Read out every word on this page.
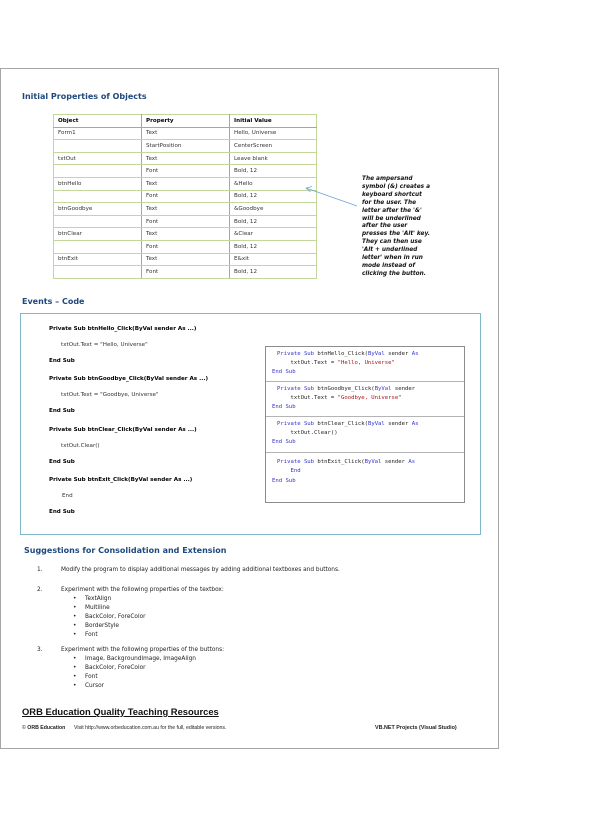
Initial Properties of Objects
Object	Property	Initial Value
Form1	Text	Hello, Universe
	StartPosition	CenterScreen
txtOut	Text	Leave blank
	Font	Bold, 12
btnHello	Text	&Hello
	Font	Bold, 12
btnGoodbye	Text	&Goodbye
	Font	Bold, 12
btnClear	Text	&Clear
	Font	Bold, 12
btnExit	Text	E&xit
	Font	Bold, 12
The ampersand
symbol (&) creates a
keyboard shortcut
for the user. The
letter after the '&'
will be underlined
after the user
presses the 'Alt' key.
They can then use
'Alt + underlined
letter' when in run
mode instead of
clicking the button.
Events – Code
Private Sub btnHello_Click(ByVal sender As ...)
txtOut.Text = "Hello, Universe"
End Sub
Private Sub btnGoodbye_Click(ByVal sender As ...)
txtOut.Text = "Goodbye, Universe"
End Sub
Private Sub btnClear_Click(ByVal sender As ...)
txtOut.Clear()
End Sub
Private Sub btnExit_Click(ByVal sender As ...)
End
End Sub
Private Sub btnHello_Click(ByVal sender As
txtOut.Text = "Hello, Universe"
End Sub
Private Sub btnGoodbye_Click(ByVal sender
txtOut.Text = "Goodbye, Universe"
End Sub
Private Sub btnClear_Click(ByVal sender As
txtOut.Clear()
End Sub
Private Sub btnExit_Click(ByVal sender As
End
End Sub
Suggestions for Consolidation and Extension
1.	Modify the program to display additional messages by adding additional textboxes and buttons.
2.	Experiment with the following properties of the textbox:
• TextAlign
• Multiline
• BackColor, ForeColor
• BorderStyle
• Font
3.	Experiment with the following properties of the buttons:
• Image, BackgroundImage, ImageAlign
• BackColor, ForeColor
• Font
• Cursor
ORB Education Quality Teaching Resources
© ORB Education Visit http://www.orbeducation.com.au for the full, editable versions.	VB.NET Projects (Visual Studio)
